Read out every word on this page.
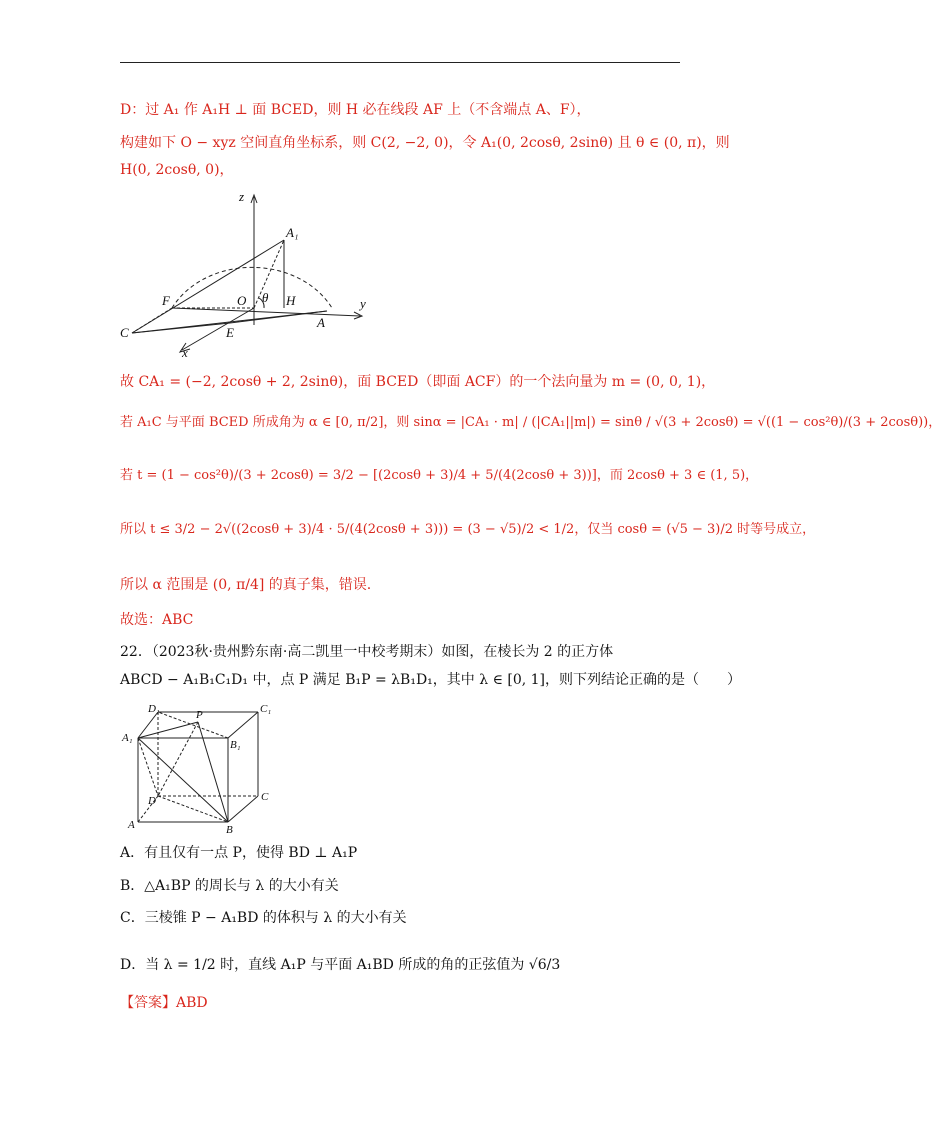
D：过 A₁ 作 A₁H ⊥ 面 BCED，则 H 必在线段 AF 上（不含端点 A、F），
构建如下 O − xyz 空间直角坐标系，则 C(2, −2, 0)，令 A₁(0, 2cosθ, 2sinθ) 且 θ ∈ (0, π)，则
H(0, 2cosθ, 0)，
z
A₁
F	O θ H
C	E
A
y
x
故 CA₁ = (−2, 2cosθ + 2, 2sinθ)，面 BCED（即面 ACF）的一个法向量为 m = (0, 0, 1)，
若 A₁C 与平面 BCED 所成角为 α ∈ [0, π/2]，则 sinα = |CA₁ · m| / (|CA₁||m|) = sinθ / √(3 + 2cosθ) = √((1 − cos²θ)/(3 + 2cosθ))，
若 t = (1 − cos²θ)/(3 + 2cosθ) = 3/2 − [(2cosθ + 3)/4 + 5/(4(2cosθ + 3))]，而 2cosθ + 3 ∈ (1, 5)，
所以 t ≤ 3/2 − 2√((2cosθ + 3)/4 · 5/(4(2cosθ + 3))) = (3 − √5)/2 < 1/2，仅当 cosθ = (√5 − 3)/2 时等号成立，
所以 α 范围是 (0, π/4] 的真子集，错误.
故选：ABC
22．（2023秋·贵州黔东南·高二凯里一中校考期末）如图，在棱长为 2 的正方体
ABCD − A₁B₁C₁D₁ 中，点 P 满足 B₁P = λB₁D₁，其中 λ ∈ [0, 1]，则下列结论正确的是（　　）
D₁	P	C₁
A₁
B₁
D	C
A	B
A．有且仅有一点 P，使得 BD ⊥ A₁P
B．△A₁BP 的周长与 λ 的大小有关
C．三棱锥 P − A₁BD 的体积与 λ 的大小有关
D．当 λ = 1/2 时，直线 A₁P 与平面 A₁BD 所成的角的正弦值为 √6/3
【答案】ABD
